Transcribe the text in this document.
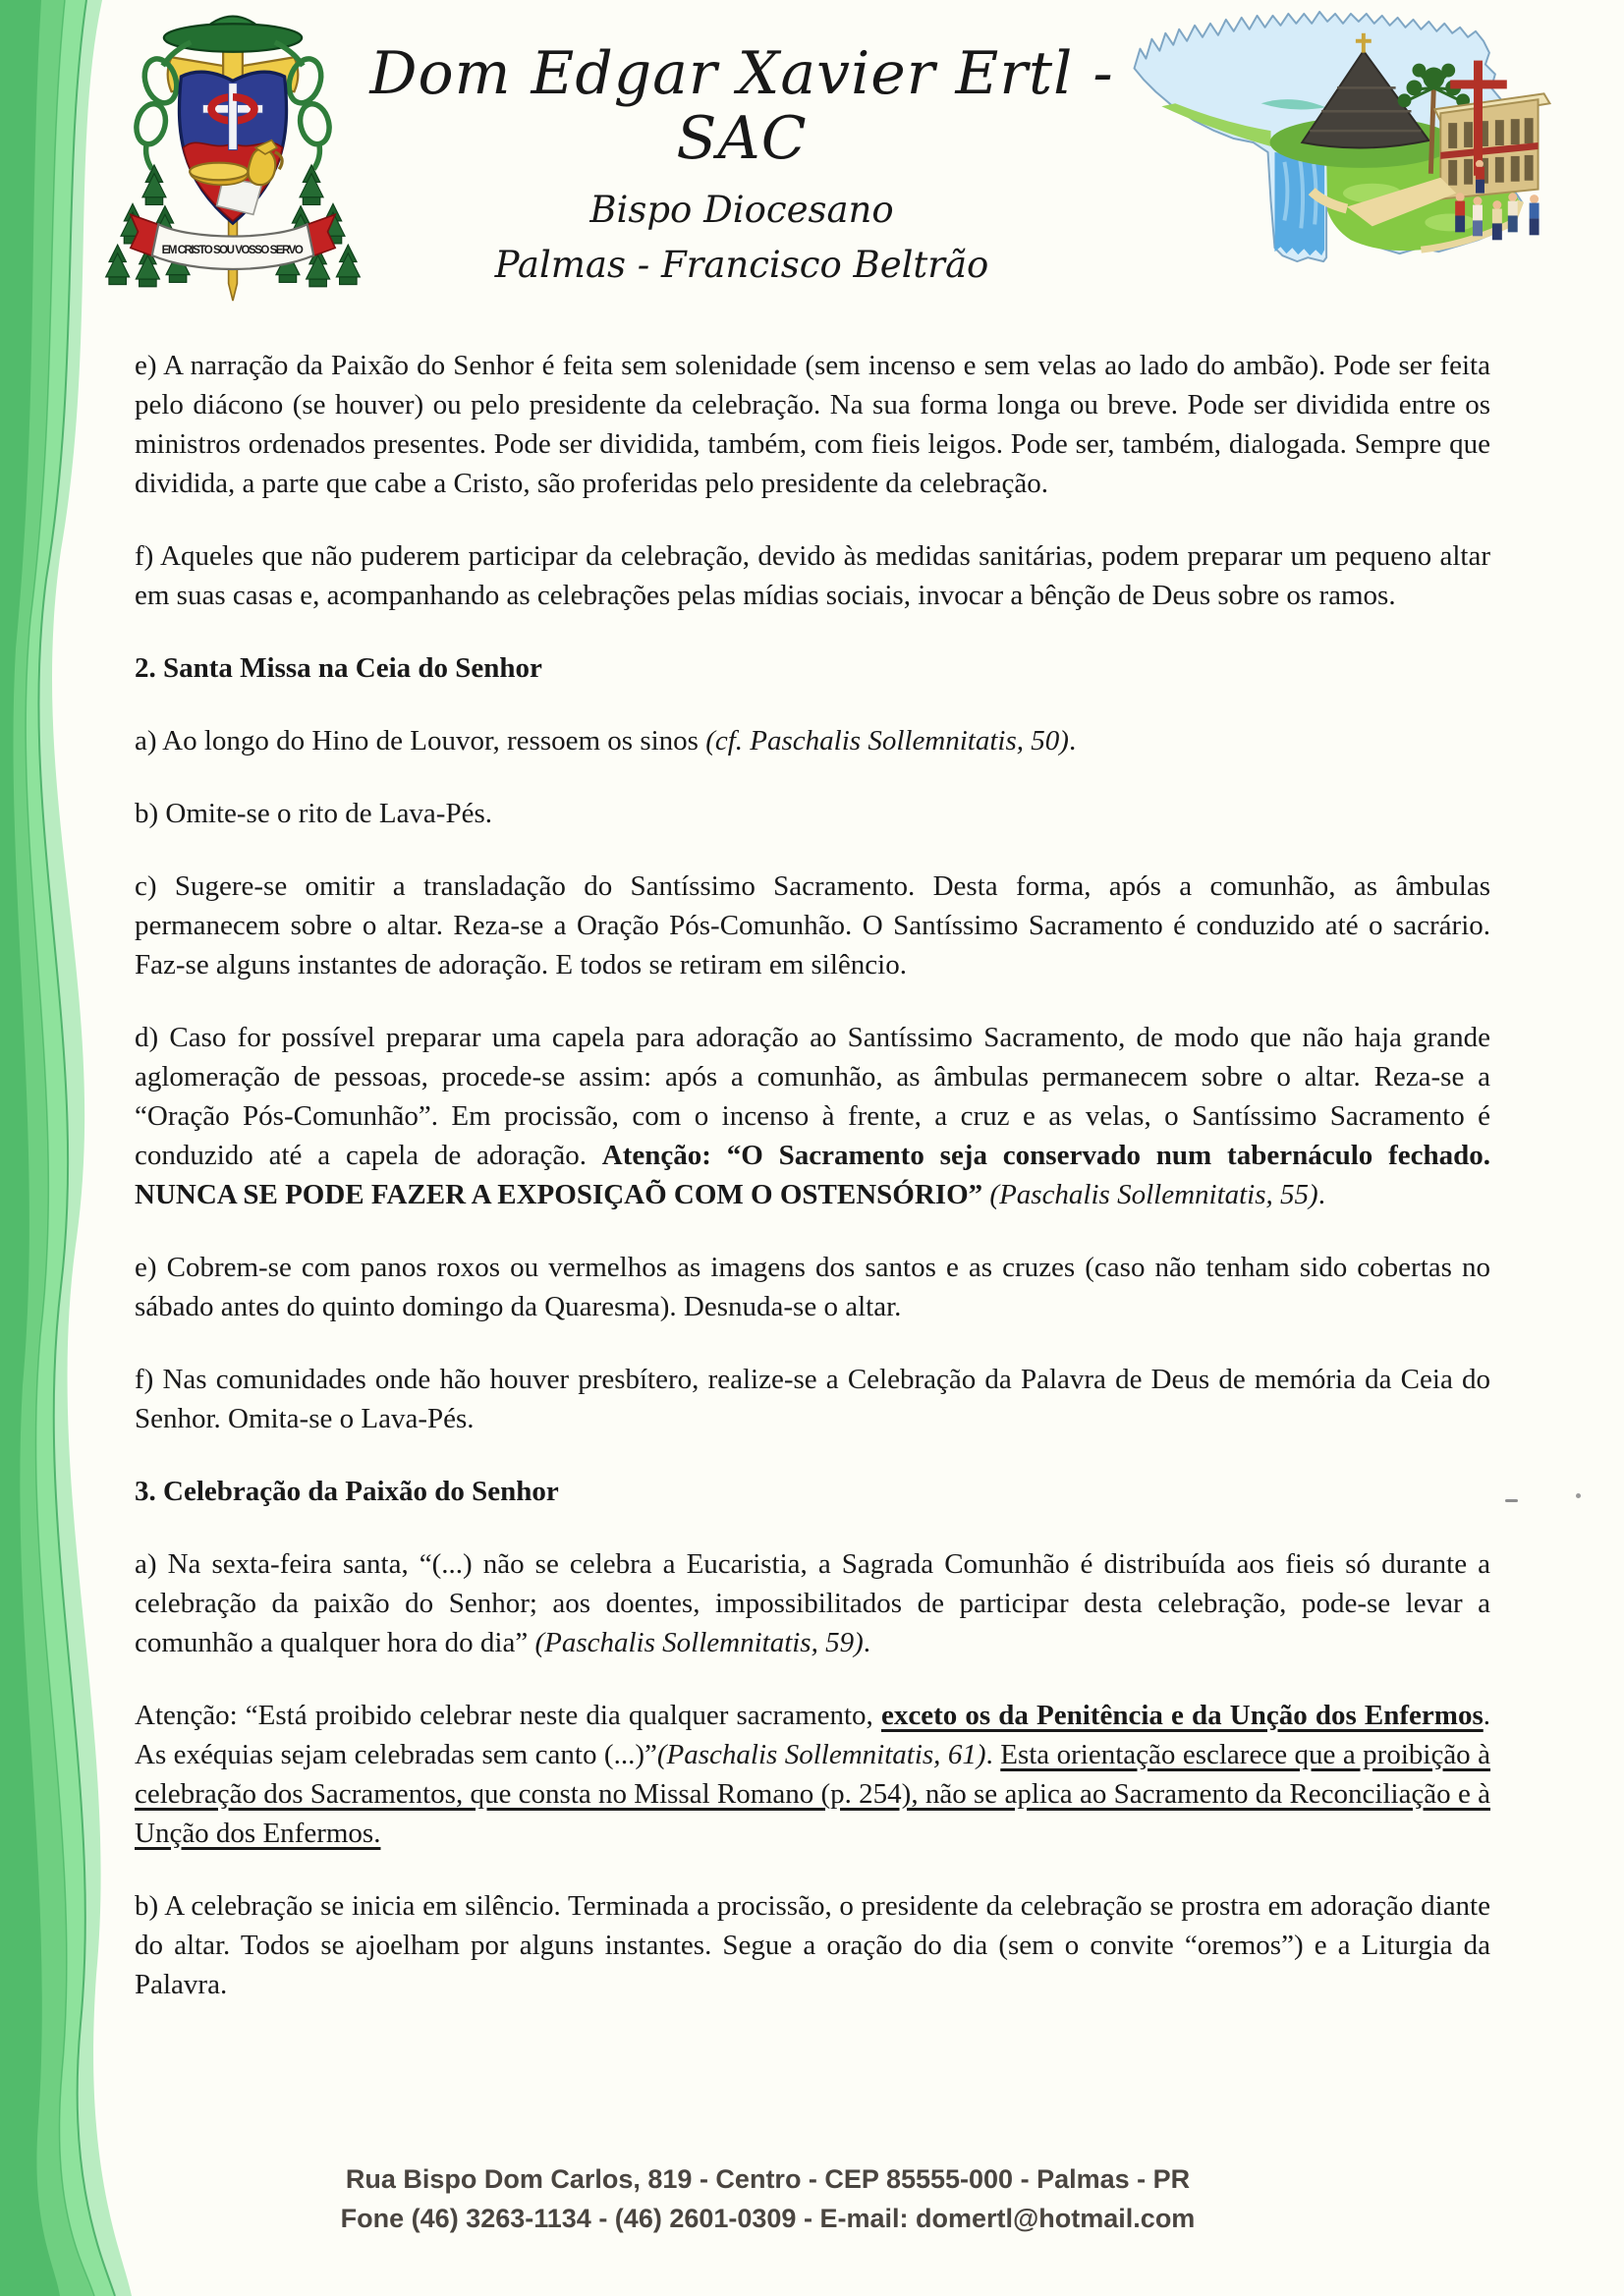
EM CRISTO SOU VOSSO SERVO
Dom Edgar Xavier Ertl - SAC
Bispo Diocesano
Palmas - Francisco Beltrão

e) A narração da Paixão do Senhor é feita sem solenidade (sem incenso e sem velas ao lado do ambão). Pode ser feita pelo diácono (se houver) ou pelo presidente da celebração. Na sua forma longa ou breve. Pode ser dividida entre os ministros ordenados presentes. Pode ser dividida, também, com fieis leigos. Pode ser, também, dialogada. Sempre que dividida, a parte que cabe a Cristo, são proferidas pelo presidente da celebração.

f) Aqueles que não puderem participar da celebração, devido às medidas sanitárias, podem preparar um pequeno altar em suas casas e, acompanhando as celebrações pelas mídias sociais, invocar a bênção de Deus sobre os ramos.

2. Santa Missa na Ceia do Senhor

a) Ao longo do Hino de Louvor, ressoem os sinos (cf. Paschalis Sollemnitatis, 50).

b) Omite-se o rito de Lava-Pés.

c) Sugere-se omitir a transladação do Santíssimo Sacramento. Desta forma, após a comunhão, as âmbulas permanecem sobre o altar. Reza-se a Oração Pós-Comunhão. O Santíssimo Sacramento é conduzido até o sacrário. Faz-se alguns instantes de adoração. E todos se retiram em silêncio.

d) Caso for possível preparar uma capela para adoração ao Santíssimo Sacramento, de modo que não haja grande aglomeração de pessoas, procede-se assim: após a comunhão, as âmbulas permanecem sobre o altar. Reza-se a “Oração Pós-Comunhão”. Em procissão, com o incenso à frente, a cruz e as velas, o Santíssimo Sacramento é conduzido até a capela de adoração. Atenção: “O Sacramento seja conservado num tabernáculo fechado. NUNCA SE PODE FAZER A EXPOSIÇAÕ COM O OSTENSÓRIO” (Paschalis Sollemnitatis, 55).

e) Cobrem-se com panos roxos ou vermelhos as imagens dos santos e as cruzes (caso não tenham sido cobertas no sábado antes do quinto domingo da Quaresma). Desnuda-se o altar.

f) Nas comunidades onde hão houver presbítero, realize-se a Celebração da Palavra de Deus de memória da Ceia do Senhor. Omita-se o Lava-Pés.

3. Celebração da Paixão do Senhor

a) Na sexta-feira santa, “(...) não se celebra a Eucaristia, a Sagrada Comunhão é distribuída aos fieis só durante a celebração da paixão do Senhor; aos doentes, impossibilitados de participar desta celebração, pode-se levar a comunhão a qualquer hora do dia” (Paschalis Sollemnitatis, 59).

Atenção: “Está proibido celebrar neste dia qualquer sacramento, exceto os da Penitência e da Unção dos Enfermos. As exéquias sejam celebradas sem canto (...)”(Paschalis Sollemnitatis, 61). Esta orientação esclarece que a proibição à celebração dos Sacramentos, que consta no Missal Romano (p. 254), não se aplica ao Sacramento da Reconciliação e à Unção dos Enfermos.

b) A celebração se inicia em silêncio. Terminada a procissão, o presidente da celebração se prostra em adoração diante do altar. Todos se ajoelham por alguns instantes. Segue a oração do dia (sem o convite “oremos”) e a Liturgia da Palavra.

Rua Bispo Dom Carlos, 819 - Centro - CEP 85555-000 - Palmas - PR
Fone (46) 3263-1134 - (46) 2601-0309 - E-mail: domertl@hotmail.com
